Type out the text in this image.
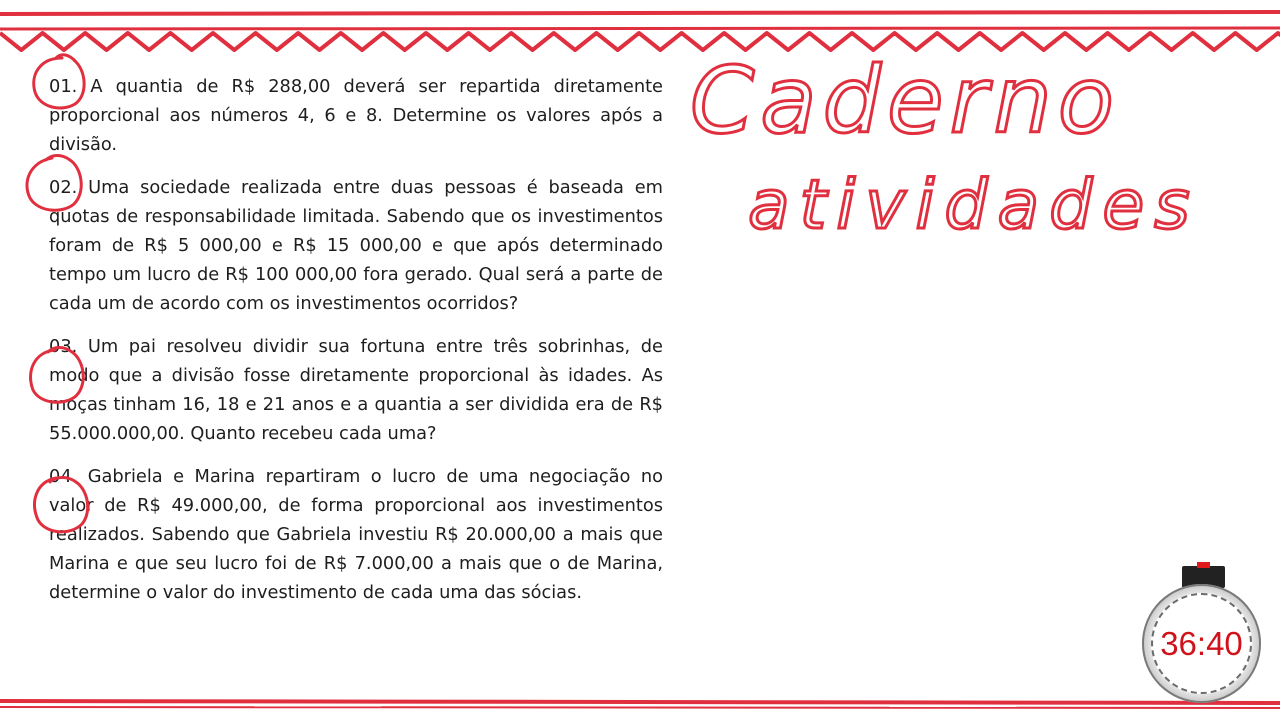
01. A quantia de R$ 288,00 deverá ser repartida diretamente proporcional aos números 4, 6 e 8. Determine os valores após a divisão.

02. Uma sociedade realizada entre duas pessoas é baseada em quotas de responsabilidade limitada. Sabendo que os investimentos foram de R$ 5 000,00 e R$ 15 000,00 e que após determinado tempo um lucro de R$ 100 000,00 fora gerado. Qual será a parte de cada um de acordo com os investimentos ocorridos?

03. Um pai resolveu dividir sua fortuna entre três sobrinhas, de modo que a divisão fosse diretamente proporcional às idades. As moças tinham 16, 18 e 21 anos e a quantia a ser dividida era de R$ 55.000.000,00. Quanto recebeu cada uma?

04. Gabriela e Marina repartiram o lucro de uma negociação no valor de R$ 49.000,00, de forma proporcional aos investimentos realizados. Sabendo que Gabriela investiu R$ 20.000,00 a mais que Marina e que seu lucro foi de R$ 7.000,00 a mais que o de Marina, determine o valor do investimento de cada uma das sócias.

Caderno
atividades
36:40
